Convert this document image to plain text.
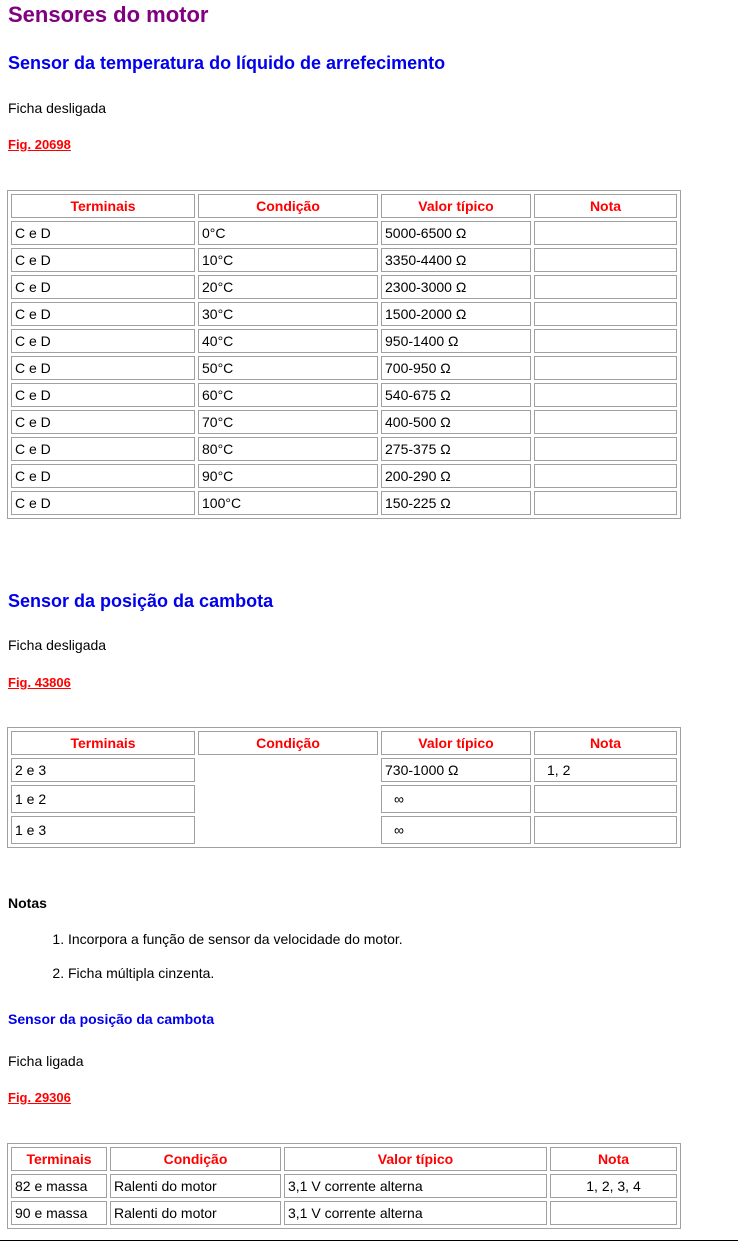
Sensores do motor
Sensor da temperatura do líquido de arrefecimento
Ficha desligada
Fig. 20698
Terminais	Condição	Valor típico	Nota
C e D	0°C	5000-6500 Ω	
C e D	10°C	3350-4400 Ω	
C e D	20°C	2300-3000 Ω	
C e D	30°C	1500-2000 Ω	
C e D	40°C	950-1400 Ω	
C e D	50°C	700-950 Ω	
C e D	60°C	540-675 Ω	
C e D	70°C	400-500 Ω	
C e D	80°C	275-375 Ω	
C e D	90°C	200-290 Ω	
C e D	100°C	150-225 Ω	
Sensor da posição da cambota
Ficha desligada
Fig. 43806
Terminais	Condição	Valor típico	Nota
2 e 3		730-1000 Ω	1, 2
1 e 2		∞	
1 e 3		∞	
Notas
1. Incorpora a função de sensor da velocidade do motor.
2. Ficha múltipla cinzenta.
Sensor da posição da cambota
Ficha ligada
Fig. 29306
Terminais	Condição	Valor típico	Nota
82 e massa	Ralenti do motor	3,1 V corrente alterna	1, 2, 3, 4
90 e massa	Ralenti do motor	3,1 V corrente alterna	
